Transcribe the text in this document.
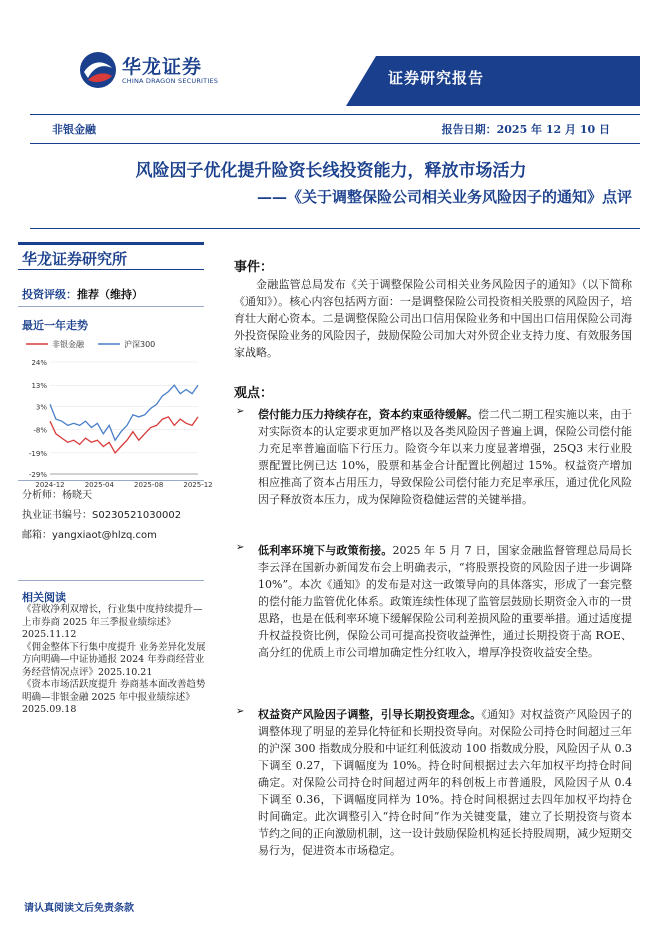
华龙证券
CHINA DRAGON SECURITIES	证券研究报告
非银金融	报告日期：2025 年 12 月 10 日
风险因子优化提升险资长线投资能力，释放市场活力
——《关于调整保险公司相关业务风险因子的通知》点评
华龙证券研究所
投资评级：推荐（维持）
最近一年走势
非银金融	沪深300
24%
13%
3%
-8%
-19%
-29%
2024-12	2025-04	2025-08	2025-12
分析师：杨晓天
执业证书编号：S0230521030002
邮箱：yangxiaot@hlzq.com
相关阅读
《营收净利双增长，行业集中度持续提升—上市券商 2025 年三季报业绩综述》2025.11.12
《佣金整体下行集中度提升 业务差异化发展方向明确—中证协通报 2024 年券商经营业务经营情况点评》2025.10.21
《资本市场活跃度提升 券商基本面改善趋势明确—非银金融 2025 年中报业绩综述》2025.09.18
请认真阅读文后免责条款
事件：
金融监管总局发布《关于调整保险公司相关业务风险因子的通知》（以下简称《通知》）。核心内容包括两方面：一是调整保险公司投资相关股票的风险因子，培育壮大耐心资本。二是调整保险公司出口信用保险业务和中国出口信用保险公司海外投资保险业务的风险因子，鼓励保险公司加大对外贸企业支持力度、有效服务国家战略。
观点：
➢ 偿付能力压力持续存在，资本约束亟待缓解。偿二代二期工程实施以来，由于对实际资本的认定要求更加严格以及各类风险因子普遍上调，保险公司偿付能力充足率普遍面临下行压力。险资今年以来力度显著增强，25Q3 末行业股票配置比例已达 10%，股票和基金合计配置比例超过 15%。权益资产增加相应推高了资本占用压力，导致保险公司偿付能力充足率承压，通过优化风险因子释放资本压力，成为保障险资稳健运营的关键举措。
➢ 低利率环境下与政策衔接。2025 年 5 月 7 日，国家金融监督管理总局局长李云泽在国新办新闻发布会上明确表示，“将股票投资的风险因子进一步调降 10%”。本次《通知》的发布是对这一政策导向的具体落实，形成了一套完整的偿付能力监管优化体系。政策连续性体现了监管层鼓励长期资金入市的一贯思路，也是在低利率环境下缓解保险公司利差损风险的重要举措。通过适度提升权益投资比例，保险公司可提高投资收益弹性，通过长期投资于高 ROE、高分红的优质上市公司增加确定性分红收入，增厚净投资收益安全垫。
➢ 权益资产风险因子调整，引导长期投资理念。《通知》对权益资产风险因子的调整体现了明显的差异化特征和长期投资导向。对保险公司持仓时间超过三年的沪深 300 指数成分股和中证红利低波动 100 指数成分股，风险因子从 0.3 下调至 0.27，下调幅度为 10%。持仓时间根据过去六年加权平均持仓时间确定。对保险公司持仓时间超过两年的科创板上市普通股，风险因子从 0.4 下调至 0.36，下调幅度同样为 10%。持仓时间根据过去四年加权平均持仓时间确定。此次调整引入“持仓时间”作为关键变量，建立了长期投资与资本节约之间的正向激励机制，这一设计鼓励保险机构延长持股周期，减少短期交易行为，促进资本市场稳定。
